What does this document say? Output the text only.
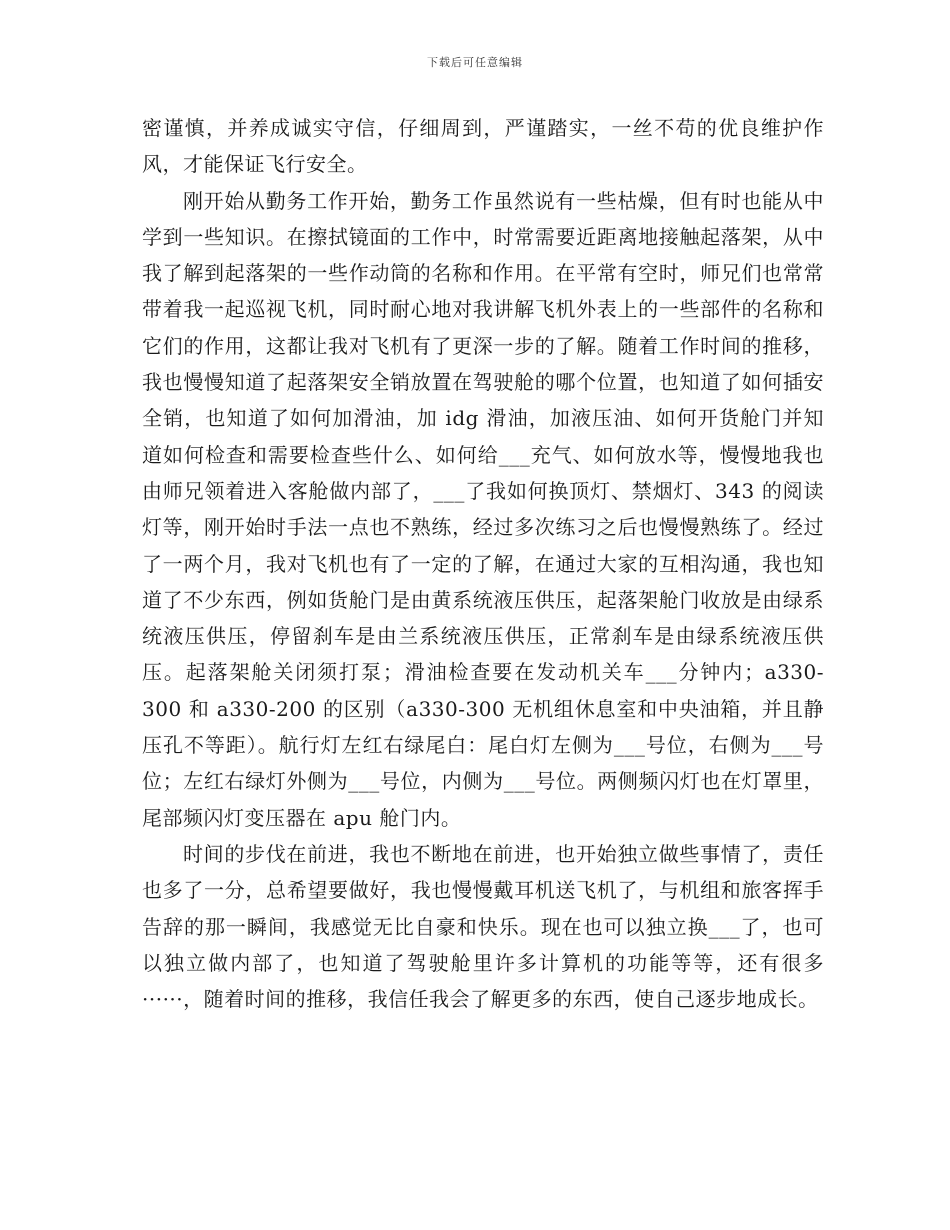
下载后可任意编辑

密谨慎，并养成诚实守信，仔细周到，严谨踏实，一丝不苟的优良维护作风，才能保证飞行安全。

刚开始从勤务工作开始，勤务工作虽然说有一些枯燥，但有时也能从中学到一些知识。在擦拭镜面的工作中，时常需要近距离地接触起落架，从中我了解到起落架的一些作动筒的名称和作用。在平常有空时，师兄们也常常带着我一起巡视飞机，同时耐心地对我讲解飞机外表上的一些部件的名称和它们的作用，这都让我对飞机有了更深一步的了解。随着工作时间的推移，我也慢慢知道了起落架安全销放置在驾驶舱的哪个位置，也知道了如何插安全销，也知道了如何加滑油，加 idg 滑油，加液压油、如何开货舱门并知道如何检查和需要检查些什么、如何给___充气、如何放水等，慢慢地我也由师兄领着进入客舱做内部了，___了我如何换顶灯、禁烟灯、343 的阅读灯等，刚开始时手法一点也不熟练，经过多次练习之后也慢慢熟练了。经过了一两个月，我对飞机也有了一定的了解，在通过大家的互相沟通，我也知道了不少东西，例如货舱门是由黄系统液压供压，起落架舱门收放是由绿系统液压供压，停留刹车是由兰系统液压供压，正常刹车是由绿系统液压供压。起落架舱关闭须打泵；滑油检查要在发动机关车___分钟内；a330-300 和 a330-200 的区别（a330-300 无机组休息室和中央油箱，并且静压孔不等距）。航行灯左红右绿尾白：尾白灯左侧为___号位，右侧为___号位；左红右绿灯外侧为___号位，内侧为___号位。两侧频闪灯也在灯罩里，尾部频闪灯变压器在 apu 舱门内。

时间的步伐在前进，我也不断地在前进，也开始独立做些事情了，责任也多了一分，总希望要做好，我也慢慢戴耳机送飞机了，与机组和旅客挥手告辞的那一瞬间，我感觉无比自豪和快乐。现在也可以独立换___了，也可以独立做内部了，也知道了驾驶舱里许多计算机的功能等等，还有很多······，随着时间的推移，我信任我会了解更多的东西，使自己逐步地成长。
